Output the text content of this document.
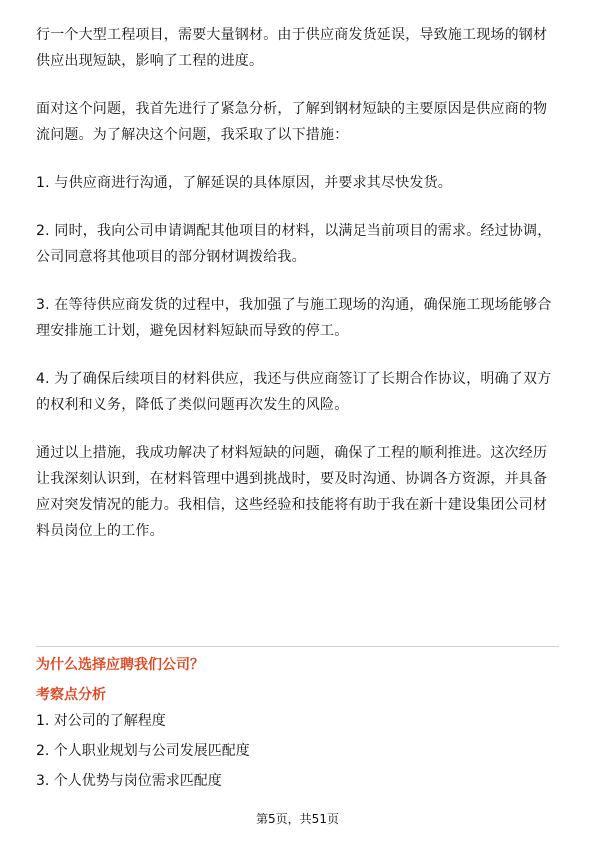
行一个大型工程项目，需要大量钢材。由于供应商发货延误，导致施工现场的钢材供应出现短缺，影响了工程的进度。

面对这个问题，我首先进行了紧急分析，了解到钢材短缺的主要原因是供应商的物流问题。为了解决这个问题，我采取了以下措施：

1. 与供应商进行沟通，了解延误的具体原因，并要求其尽快发货。

2. 同时，我向公司申请调配其他项目的材料，以满足当前项目的需求。经过协调，公司同意将其他项目的部分钢材调拨给我。

3. 在等待供应商发货的过程中，我加强了与施工现场的沟通，确保施工现场能够合理安排施工计划，避免因材料短缺而导致的停工。

4. 为了确保后续项目的材料供应，我还与供应商签订了长期合作协议，明确了双方的权利和义务，降低了类似问题再次发生的风险。

通过以上措施，我成功解决了材料短缺的问题，确保了工程的顺利推进。这次经历让我深刻认识到，在材料管理中遇到挑战时，要及时沟通、协调各方资源，并具备应对突发情况的能力。我相信，这些经验和技能将有助于我在新十建设集团公司材料员岗位上的工作。

为什么选择应聘我们公司？
考察点分析
1. 对公司的了解程度
2. 个人职业规划与公司发展匹配度
3. 个人优势与岗位需求匹配度
第5页，共51页
